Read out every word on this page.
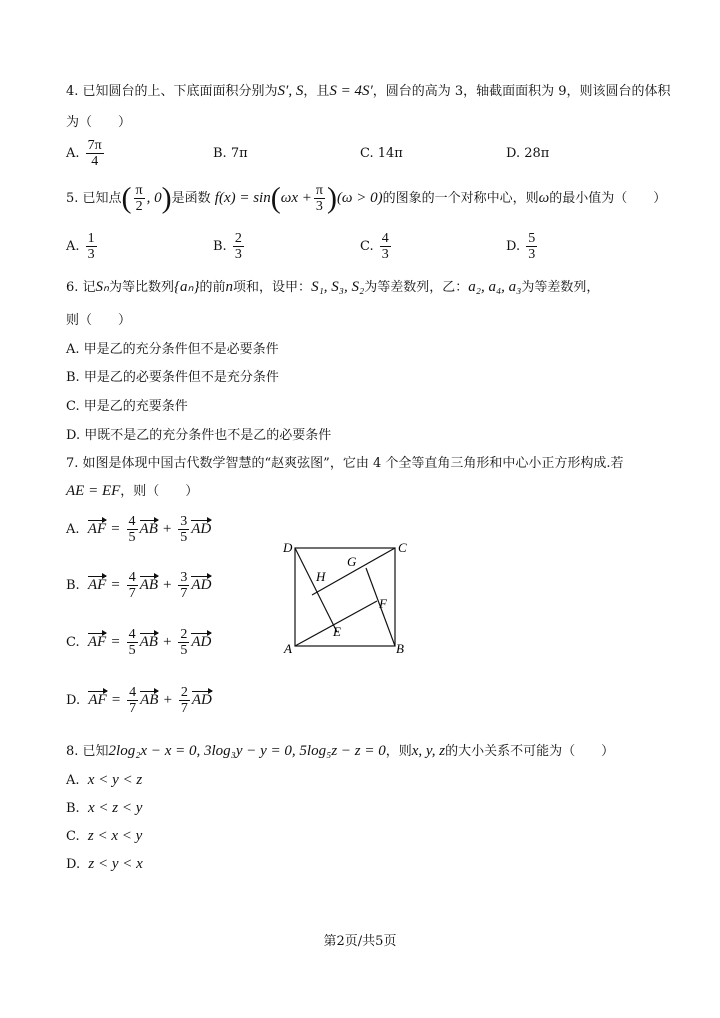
4. 已知圆台的上、下底面面积分别为S′, S，且S = 4S′，圆台的高为 3，轴截面面积为 9，则该圆台的体积
为（　　）
A. $\frac{7\pi}{4}$	B. 7π	C. 14π	D. 28π
5. 已知点( $\frac{\pi}{2}$ , 0)是函数 $f(x) = \sin(\omega x + \frac{\pi}{3} )(\omega > 0)$的图象的一个对称中心，则ω的最小值为（　　）
A. $\frac{1}{3}$	B. $\frac{2}{3}$	C. $\frac{4}{3}$	D. $\frac{5}{3}$
6. 记Sₙ为等比数列{aₙ}的前n项和，设甲：S₁, S₃, S₂为等差数列，乙：a₂, a₄, a₃为等差数列，
则（　　）
A. 甲是乙的充分条件但不是必要条件
B. 甲是乙的必要条件但不是充分条件
C. 甲是乙的充要条件
D. 甲既不是乙的充分条件也不是乙的必要条件
7. 如图是体现中国古代数学智慧的“赵爽弦图”，它由 4 个全等直角三角形和中心小正方形构成.若
AE = EF，则（　　）
A. AF = $\frac{4}{5}$ AB + $\frac{3}{5}$ AD
B. AF = $\frac{4}{7}$ AB + $\frac{3}{7}$ AD
C. AF = $\frac{4}{5}$ AB + $\frac{2}{5}$ AD
D. AF = $\frac{4}{7}$ AB + $\frac{2}{7}$ AD
D	C
A	B
G
H
F
E
8. 已知2log₂x − x = 0, 3log₃y − y = 0, 5log₅z − z = 0，则x, y, z的大小关系不可能为（　　）
A. x < y < z
B. x < z < y
C. z < x < y
D. z < y < x
第2页/共5页
